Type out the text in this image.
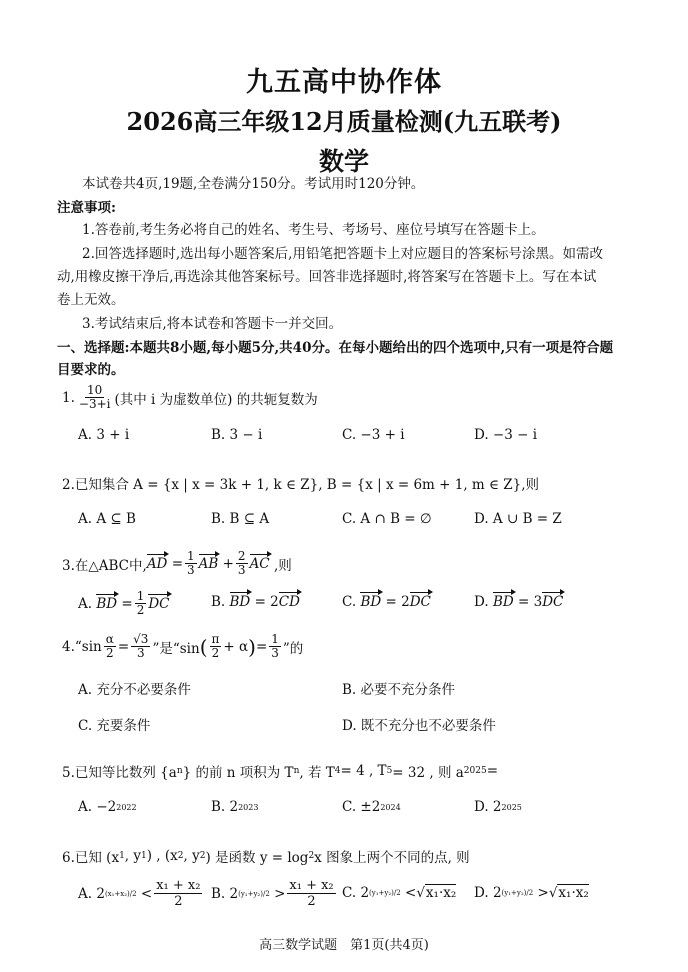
九五高中协作体
2026高三年级12月质量检测(九五联考)
数学
本试卷共4页,19题,全卷满分150分。考试用时120分钟。
注意事项:
1.答卷前,考生务必将自己的姓名、考生号、考场号、座位号填写在答题卡上。
2.回答选择题时,选出每小题答案后,用铅笔把答题卡上对应题目的答案标号涂黑。如需改
动,用橡皮擦干净后,再选涂其他答案标号。回答非选择题时,将答案写在答题卡上。写在本试
卷上无效。
3.考试结束后,将本试卷和答题卡一并交回。
一、选择题:本题共8小题,每小题5分,共40分。在每小题给出的四个选项中,只有一项是符合题
目要求的。
1. $\frac{10}{-3+i}$ (其中 i 为虚数单位) 的共轭复数为
A. 3 + i	B. 3 − i	C. −3 + i	D. −3 − i
2.已知集合 A = {x | x = 3k + 1, k ∈ Z}, B = {x | x = 6m + 1, m ∈ Z},则
A. A ⊆ B	B. B ⊆ A	C. A ∩ B = ∅	D. A ∪ B = Z
3.在△ABC中, AD
= $\frac{1}{3}$ AB
+ $\frac{2}{3}$ AC
,则
A.
BD
= $\frac{1}{2}$ DC	B.
BD
= 2 CD	C.
BD
= 2 DC	D.
BD
= 3 DC
4. “$\sin \frac{\alpha}{2} = \frac{√3}{3}$ ”是“sin ( $\frac{\pi}{2} + \alpha$ ) = $\frac{1}{3}$ ”的
A. 充分不必要条件	B. 必要不充分条件
C. 充要条件	D. 既不充分也不必要条件
5.已知等比数列 {a n } 的前 n 项积为 T n , 若 T 4 = 4 , T 5 = 32 , 则 a 2025 =
A. −2 2022	B. 2 2023	C. ±2 2024	D. 2 2025
6.已知 (x 1 , y 1 ) , (x 2 , y 2 ) 是函数 y = log 2 x 图象上两个不同的点, 则
A.
2 (x₁+x₂)/2
< $\frac{\text{x₁ + x₂}}{2} B$.
2 (y₁+y₂)/2
> $\frac{\text{x₁ + x₂}}{2} C$.
2 (y₁+y₂)/2
< √ x₁·x₂ D.
2 (y₁+y₂)/2
> √ x₁·x₂
高三数学试题　第1页(共4页)
